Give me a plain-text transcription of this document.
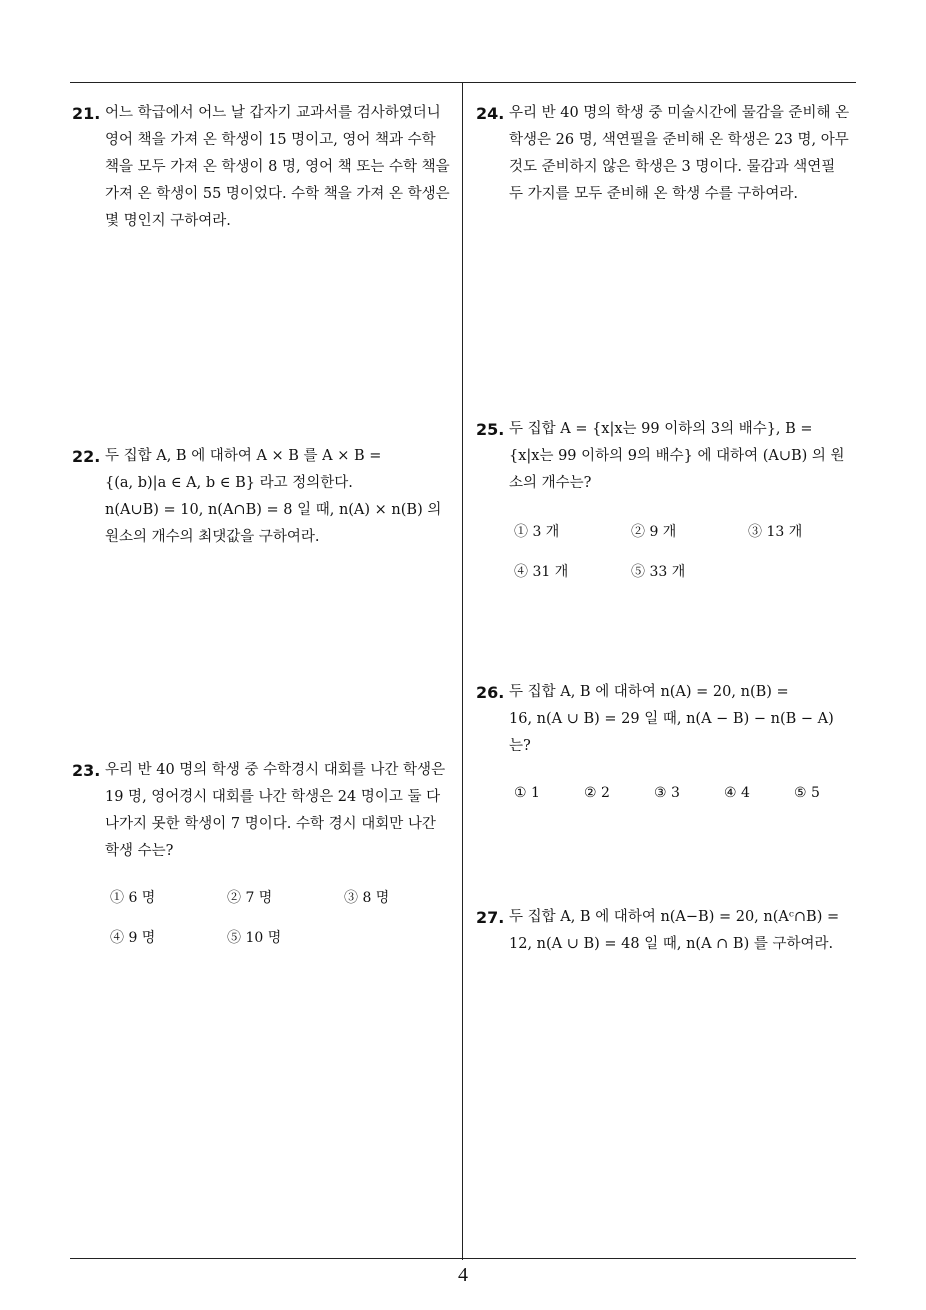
21. 어느 학급에서 어느 날 갑자기 교과서를 검사하였더니

영어 책을 가져 온 학생이 15 명이고, 영어 책과 수학

책을 모두 가져 온 학생이 8 명, 영어 책 또는 수학 책을

가져 온 학생이 55 명이었다. 수학 책을 가져 온 학생은

몇 명인지 구하여라.

22. 두 집합 A, B 에 대하여 A × B 를 A × B =

{(a, b)|a ∈ A, b ∈ B} 라고 정의한다.

n(A∪B) = 10, n(A∩B) = 8 일 때, n(A) × n(B) 의

원소의 개수의 최댓값을 구하여라.

23. 우리 반 40 명의 학생 중 수학경시 대회를 나간 학생은

19 명, 영어경시 대회를 나간 학생은 24 명이고 둘 다

나가지 못한 학생이 7 명이다. 수학 경시 대회만 나간

학생 수는?

① 6 명	② 7 명	③ 8 명
④ 9 명	⑤ 10 명
24. 우리 반 40 명의 학생 중 미술시간에 물감을 준비해 온

학생은 26 명, 색연필을 준비해 온 학생은 23 명, 아무

것도 준비하지 않은 학생은 3 명이다. 물감과 색연필

두 가지를 모두 준비해 온 학생 수를 구하여라.

25. 두 집합 A = {x|x는 99 이하의 3의 배수}, B =

{x|x는 99 이하의 9의 배수} 에 대하여 (A∪B) 의 원

소의 개수는?

① 3 개	② 9 개	③ 13 개
④ 31 개	⑤ 33 개
26. 두 집합 A, B 에 대하여 n(A) = 20, n(B) =

16, n(A ∪ B) = 29 일 때, n(A − B) − n(B − A)

는?

① 1	② 2	③ 3	④ 4	⑤ 5
27. 두 집합 A, B 에 대하여 n(A−B) = 20, n(Aᶜ∩B) =

12, n(A ∪ B) = 48 일 때, n(A ∩ B) 를 구하여라.

4
